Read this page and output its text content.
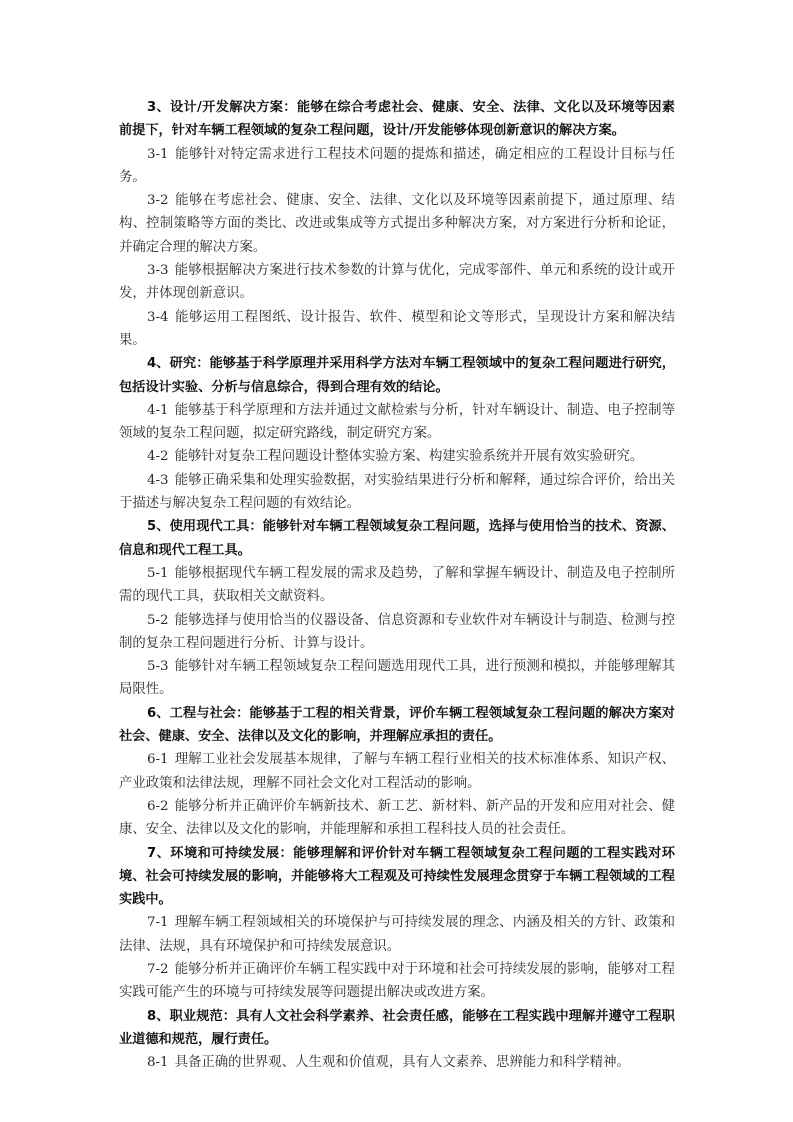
3、设计/开发解决方案：能够在综合考虑社会、健康、安全、法律、文化以及环境等因素前提下，针对车辆工程领域的复杂工程问题，设计/开发能够体现创新意识的解决方案。

3-1 能够针对特定需求进行工程技术问题的提炼和描述，确定相应的工程设计目标与任务。

3-2 能够在考虑社会、健康、安全、法律、文化以及环境等因素前提下，通过原理、结构、控制策略等方面的类比、改进或集成等方式提出多种解决方案，对方案进行分析和论证，并确定合理的解决方案。

3-3 能够根据解决方案进行技术参数的计算与优化，完成零部件、单元和系统的设计或开发，并体现创新意识。

3-4 能够运用工程图纸、设计报告、软件、模型和论文等形式，呈现设计方案和解决结果。

4、研究：能够基于科学原理并采用科学方法对车辆工程领域中的复杂工程问题进行研究，包括设计实验、分析与信息综合，得到合理有效的结论。

4-1 能够基于科学原理和方法并通过文献检索与分析，针对车辆设计、制造、电子控制等领域的复杂工程问题，拟定研究路线，制定研究方案。

4-2 能够针对复杂工程问题设计整体实验方案、构建实验系统并开展有效实验研究。

4-3 能够正确采集和处理实验数据，对实验结果进行分析和解释，通过综合评价，给出关于描述与解决复杂工程问题的有效结论。

5、使用现代工具：能够针对车辆工程领域复杂工程问题，选择与使用恰当的技术、资源、信息和现代工程工具。

5-1 能够根据现代车辆工程发展的需求及趋势，了解和掌握车辆设计、制造及电子控制所需的现代工具，获取相关文献资料。

5-2 能够选择与使用恰当的仪器设备、信息资源和专业软件对车辆设计与制造、检测与控制的复杂工程问题进行分析、计算与设计。

5-3 能够针对车辆工程领域复杂工程问题选用现代工具，进行预测和模拟，并能够理解其局限性。

6、工程与社会：能够基于工程的相关背景，评价车辆工程领域复杂工程问题的解决方案对社会、健康、安全、法律以及文化的影响，并理解应承担的责任。

6-1 理解工业社会发展基本规律，了解与车辆工程行业相关的技术标准体系、知识产权、产业政策和法律法规，理解不同社会文化对工程活动的影响。

6-2 能够分析并正确评价车辆新技术、新工艺、新材料、新产品的开发和应用对社会、健康、安全、法律以及文化的影响，并能理解和承担工程科技人员的社会责任。

7、环境和可持续发展：能够理解和评价针对车辆工程领域复杂工程问题的工程实践对环境、社会可持续发展的影响，并能够将大工程观及可持续性发展理念贯穿于车辆工程领域的工程实践中。

7-1 理解车辆工程领域相关的环境保护与可持续发展的理念、内涵及相关的方针、政策和法律、法规，具有环境保护和可持续发展意识。

7-2 能够分析并正确评价车辆工程实践中对于环境和社会可持续发展的影响，能够对工程实践可能产生的环境与可持续发展等问题提出解决或改进方案。

8、职业规范：具有人文社会科学素养、社会责任感，能够在工程实践中理解并遵守工程职业道德和规范，履行责任。

8-1 具备正确的世界观、人生观和价值观，具有人文素养、思辨能力和科学精神。
